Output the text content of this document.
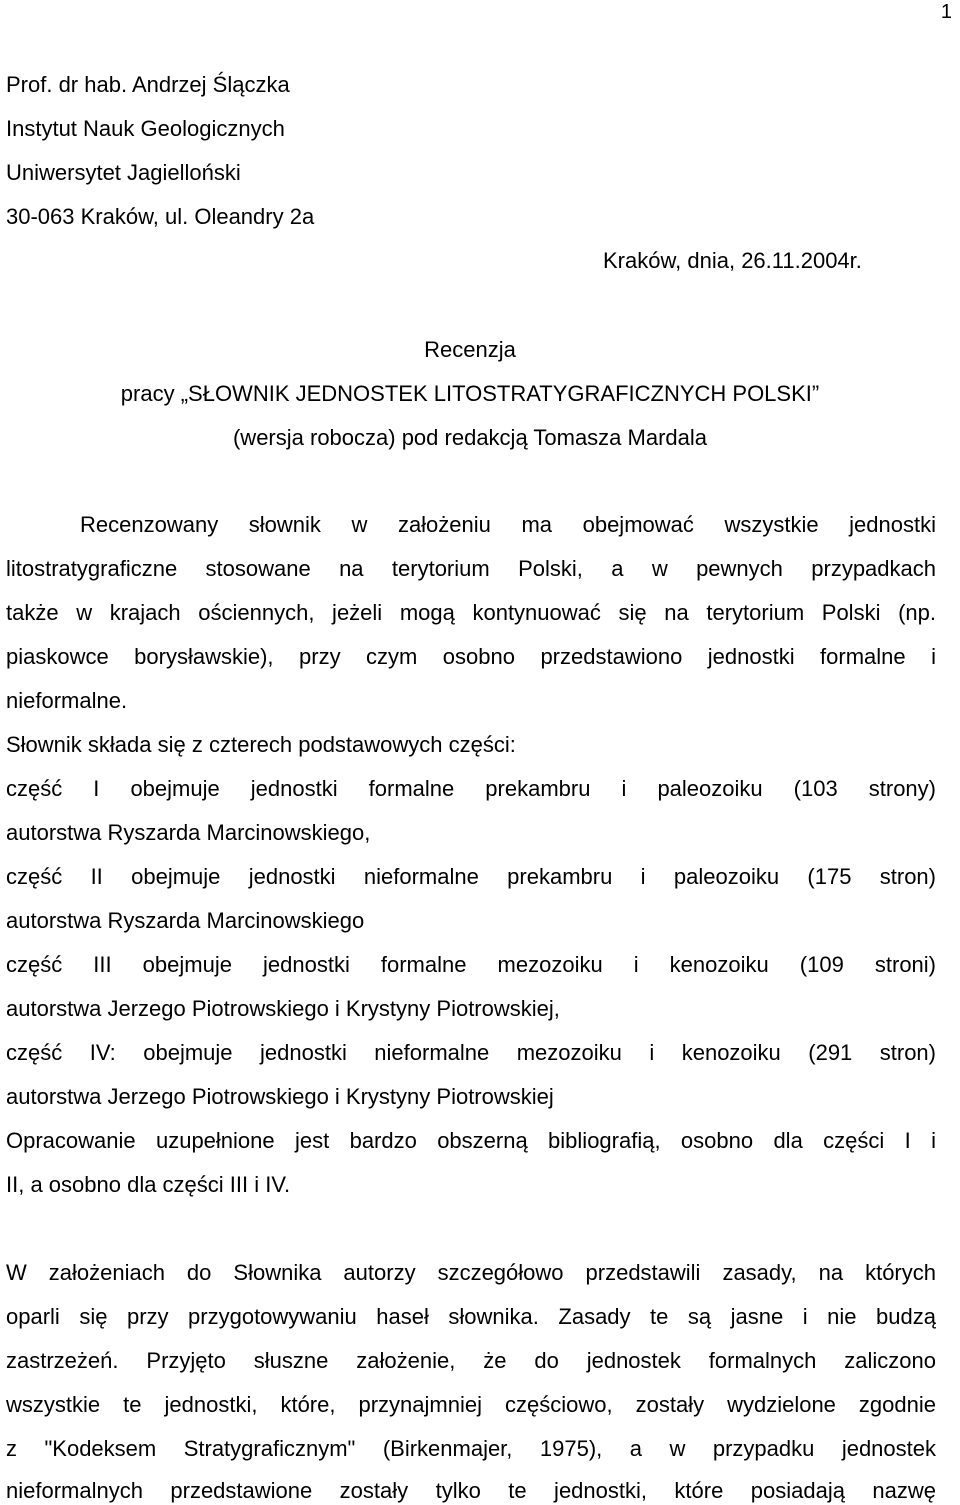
1
Prof. dr hab. Andrzej Ślączka
Instytut Nauk Geologicznych
Uniwersytet Jagielloński
30-063 Kraków, ul. Oleandry 2a
Kraków, dnia, 26.11.2004r.
Recenzja
pracy „SŁOWNIK JEDNOSTEK LITOSTRATYGRAFICZNYCH POLSKI”
(wersja robocza) pod redakcją Tomasza Mardala
Recenzowany słownik w założeniu ma obejmować wszystkie jednostki
litostratygraficzne stosowane na terytorium Polski, a w pewnych przypadkach
także w krajach ościennych, jeżeli mogą kontynuować się na terytorium Polski (np.
piaskowce borysławskie), przy czym osobno przedstawiono jednostki formalne i
nieformalne.
Słownik składa się z czterech podstawowych części:
część I obejmuje jednostki formalne prekambru i paleozoiku (103 strony)
autorstwa Ryszarda Marcinowskiego,
część II obejmuje jednostki nieformalne prekambru i paleozoiku (175 stron)
autorstwa Ryszarda Marcinowskiego
część III obejmuje jednostki formalne mezozoiku i kenozoiku (109 stroni)
autorstwa Jerzego Piotrowskiego i Krystyny Piotrowskiej,
część IV: obejmuje jednostki nieformalne mezozoiku i kenozoiku (291 stron)
autorstwa Jerzego Piotrowskiego i Krystyny Piotrowskiej
Opracowanie uzupełnione jest bardzo obszerną bibliografią, osobno dla części I i
II, a osobno dla części III i IV.
W założeniach do Słownika autorzy szczegółowo przedstawili zasady, na których
oparli się przy przygotowywaniu haseł słownika. Zasady te są jasne i nie budzą
zastrzeżeń. Przyjęto słuszne założenie, że do jednostek formalnych zaliczono
wszystkie te jednostki, które, przynajmniej częściowo, zostały wydzielone zgodnie
z "Kodeksem Stratygraficznym" (Birkenmajer, 1975), a w przypadku jednostek
nieformalnych przedstawione zostały tylko te jednostki, które posiadają nazwę
